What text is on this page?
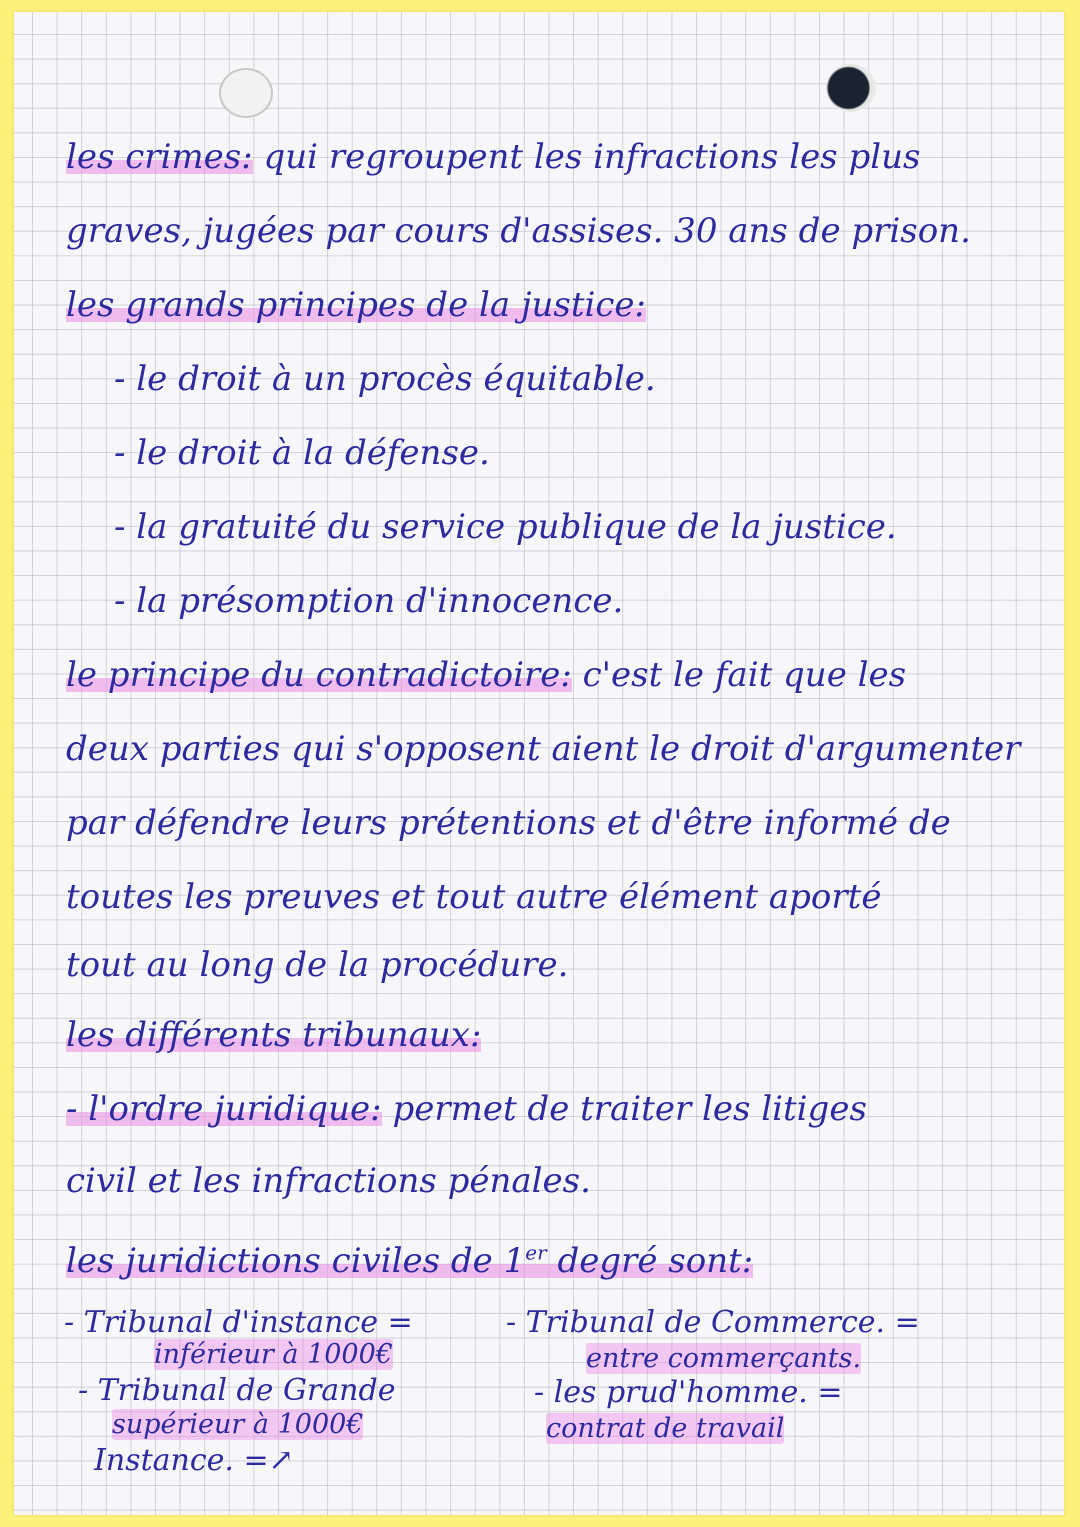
les crimes: qui regroupent les infractions les plus
graves, jugées par cours d'assises. 30 ans de prison.
les grands principes de la justice:
- le droit à un procès équitable.
- le droit à la défense.
- la gratuité du service publique de la justice.
- la présomption d'innocence.
le principe du contradictoire: c'est le fait que les
deux parties qui s'opposent aient le droit d'argumenter
par défendre leurs prétentions et d'être informé de
toutes les preuves et tout autre élément aporté
tout au long de la procédure.
les différents tribunaux:
- l'ordre juridique: permet de traiter les litiges
civil et les infractions pénales.
les juridictions civiles de 1er degré sont:
- Tribunal d'instance =
inférieur à 1000€
- Tribunal de Grande
supérieur à 1000€
Instance. =↗
- Tribunal de Commerce. =
entre commerçants.
- les prud'homme. =
contrat de travail
